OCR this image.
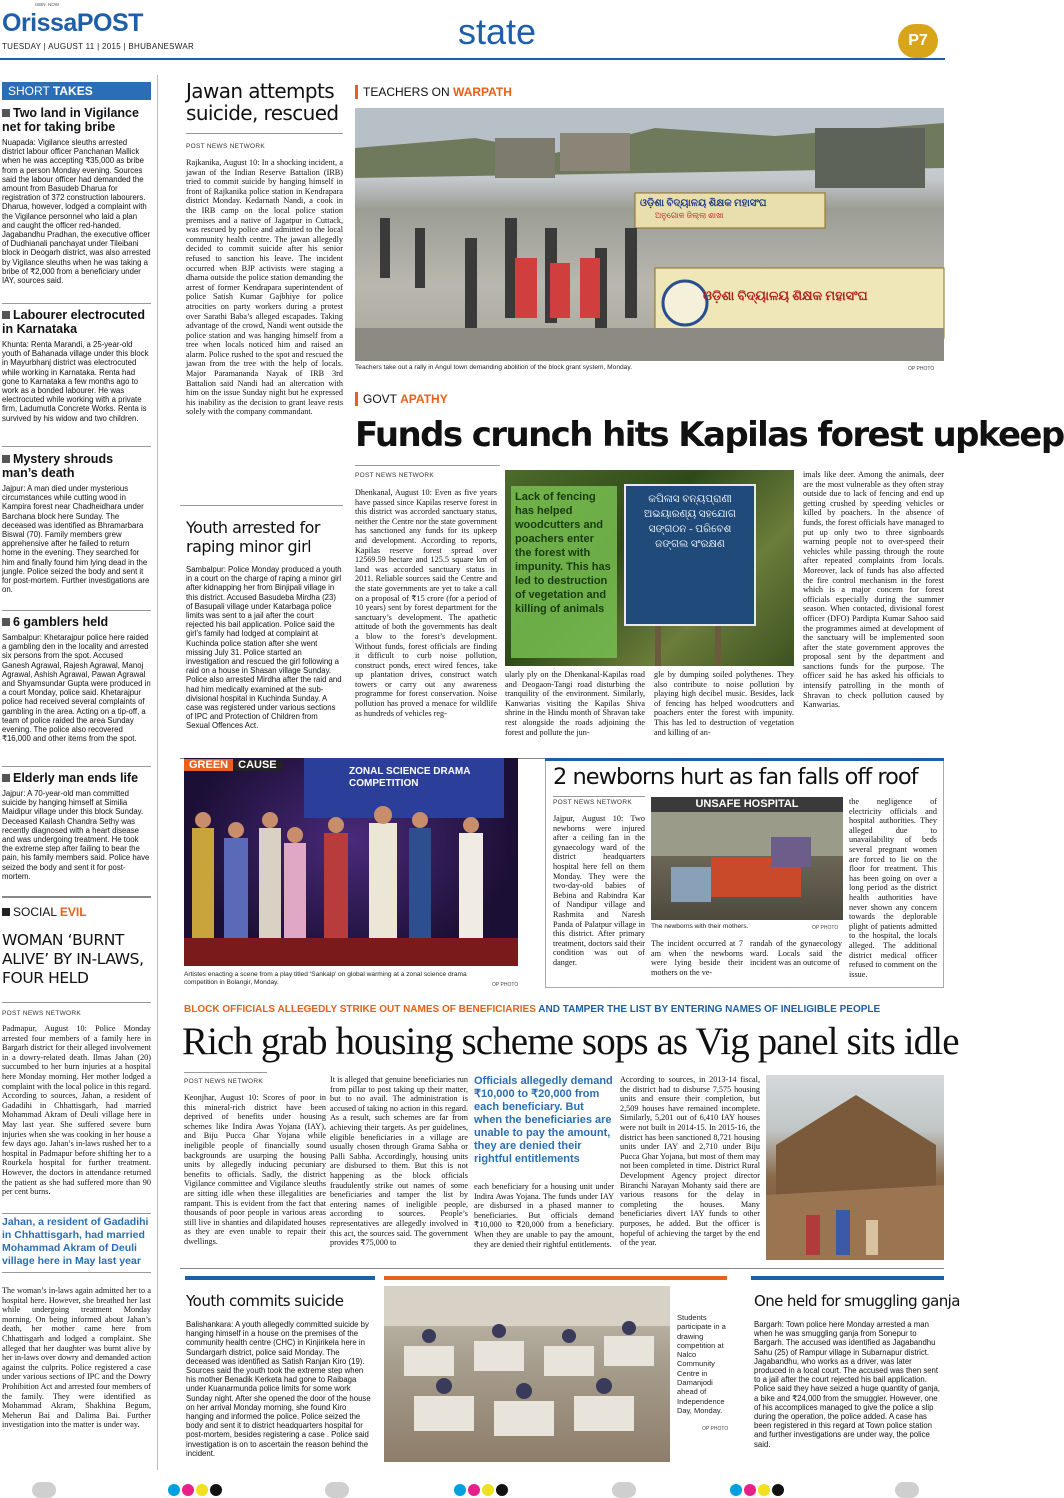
ISBN: NOW
OrissaPOST
TUESDAY | AUGUST 11 | 2015 | BHUBANESWAR	state	P7
SHORT TAKES
Two land in Vigilance net for taking bribe
Nuapada: Vigilance sleuths arrested district labour officer Panchanan Mallick when he was accepting ₹35,000 as bribe from a person Monday evening. Sources said the labour officer had demanded the amount from Basudeb Dharua for registration of 372 construction labourers. Dharua, however, lodged a complaint with the Vigilance personnel who laid a plan and caught the officer red-handed. Jagabandhu Pradhan, the executive officer of Dudhianali panchayat under Tileibani block in Deogarh district, was also arrested by Vigilance sleuths when he was taking a bribe of ₹2,000 from a beneficiary under IAY, sources said.
Labourer electrocuted in Karnataka
Khunta: Renta Marandi, a 25-year-old youth of Bahanada village under this block in Mayurbhanj district was electrocuted while working in Karnataka. Renta had gone to Karnataka a few months ago to work as a bonded labourer. He was electrocuted while working with a private firm, Ladumutla Concrete Works. Renta is survived by his widow and two children.
Mystery shrouds man’s death
Jajpur: A man died under mysterious circumstances while cutting wood in Kampira forest near Chadheidhara under Barchana block here Sunday. The deceased was identified as Bhramarbara Biswal (70). Family members grew apprehensive after he failed to return home in the evening. They searched for him and finally found him lying dead in the jungle. Police seized the body and sent it for post-mortem. Further investigations are on.
6 gamblers held
Sambalpur: Khetarajpur police here raided a gambling den in the locality and arrested six persons from the spot. Accused Ganesh Agrawal, Rajesh Agrawal, Manoj Agrawal, Ashish Agrawal, Pawan Agrawal and Shyamsundar Gupta were produced in a court Monday, police said. Khetarajpur police had received several complaints of gambling in the area. Acting on a tip-off, a team of police raided the area Sunday evening. The police also recovered ₹16,000 and other items from the spot.
Elderly man ends life
Jajpur: A 70-year-old man committed suicide by hanging himself at Similia Maidipur village under this block Sunday. Deceased Kailash Chandra Sethy was recently diagnosed with a heart disease and was undergoing treatment. He took the extreme step after failing to bear the pain, his family members said. Police have seized the body and sent it for post-mortem.
SOCIAL EVIL
WOMAN ‘BURNT ALIVE’ BY IN-LAWS, FOUR HELD
POST NEWS NETWORK
Padmapur, August 10: Police Monday arrested four members of a family here in Bargarh district for their alleged involvement in a dowry-related death. Ilmas Jahan (20) succumbed to her burn injuries at a hospital here Monday morning. Her mother lodged a complaint with the local police in this regard. According to sources, Jahan, a resident of Gadadihi in Chhattisgarh, had married Mohammad Akram of Deuli village here in May last year. She suffered severe burn injuries when she was cooking in her house a few days ago. Jahan’s in-laws rushed her to a hospital in Padmapur before shifting her to a Rourkela hospital for further treatment. However, the doctors in attendance returned the patient as she had suffered more than 90 per cent burns.
Jahan, a resident of Gadadihi in Chhattisgarh, had married Mohammad Akram of Deuli village here in May last year
The woman’s in-laws again admitted her to a hospital here. However, she breathed her last while undergoing treatment Monday morning. On being informed about Jahan’s death, her mother came here from Chhattisgarh and lodged a complaint. She alleged that her daughter was burnt alive by her in-laws over dowry and demanded action against the culprits. Police registered a case under various sections of IPC and the Dowry Prohibition Act and arrested four members of the family. They were identified as Mohammad Akram, Shakhina Begum, Meherun Bai and Dalima Bai. Further investigation into the matter is under way.
Jawan attempts suicide, rescued
POST NEWS NETWORK
Rajkanika, August 10: In a shocking incident, a jawan of the Indian Reserve Battalion (IRB) tried to commit suicide by hanging himself in front of Rajkanika police station in Kendrapara district Monday. Kedarnath Nandi, a cook in the IRB camp on the local police station premises and a native of Jagatpur in Cuttack, was rescued by police and admitted to the local community health centre. The jawan allegedly decided to commit suicide after his senior refused to sanction his leave. The incident occurred when BJP activists were staging a dharna outside the police station demanding the arrest of former Kendrapara superintendent of police Satish Kumar Gajbhiye for police atrocities on party workers during a protest over Sarathi Baba’s alleged escapades. Taking advantage of the crowd, Nandi went outside the police station and was hanging himself from a tree when locals noticed him and raised an alarm. Police rushed to the spot and rescued the jawan from the tree with the help of locals. Major Paramananda Nayak of IRB 3rd Battalion said Nandi had an altercation with him on the issue Sunday night but he expressed his inability as the decision to grant leave rests solely with the company commandant.
Youth arrested for raping minor girl
Sambalpur: Police Monday produced a youth in a court on the charge of raping a minor girl after kidnapping her from Binjipali village in this district. Accused Basudeba Mirdha (23) of Basupali village under Katarbaga police limits was sent to a jail after the court rejected his bail application. Police said the girl’s family had lodged at complaint at Kuchinda police station after she went missing July 31. Police started an investigation and rescued the girl following a raid on a house in Shasan village Sunday. Police also arrested Mirdha after the raid and had him medically examined at the sub-divisional hospital in Kuchinda Sunday. A case was registered under various sections of IPC and Protection of Children from Sexual Offences Act.
TEACHERS ON WARPATH
ଓଡ଼ିଶା ବିଦ୍ୟାଳୟ ଶିକ୍ଷକ ମହାସଂଘ
ଅନୁଗୋଳ ଜିଲ୍ଲା ଶାଖା
ଓଡ଼ିଶା ବିଦ୍ୟାଳୟ ଶିକ୍ଷକ ମହାସଂଘ
Teachers take out a rally in Angul town demanding abolition of the block grant system, Monday.	OP PHOTO
GOVT APATHY
Funds crunch hits Kapilas forest upkeep
POST NEWS NETWORK
Dhenkanal, August 10: Even as five years have passed since Kapilas reserve forest in this district was accorded sanctuary status, neither the Centre nor the state government has sanctioned any funds for its upkeep and development. According to reports, Kapilas reserve forest spread over 12569.59 hectare and 125.5 square km of land was accorded sanctuary status in 2011. Reliable sources said the Centre and the state governments are yet to take a call on a proposal of ₹15 crore (for a period of 10 years) sent by forest department for the sanctuary’s development. The apathetic attitude of both the governments has dealt a blow to the forest’s development. Without funds, forest officials are finding it difficult to curb noise pollution, construct ponds, erect wired fences, take up plantation drives, construct watch towers or carry out any awareness programme for forest conservation. Noise pollution has proved a menace for wildlife as hundreds of vehicles reg-
କପିଳାସ ବନ୍ୟପ୍ରାଣୀ ଅଭୟାରଣ୍ୟ ସହଯୋଗ ସଙ୍ଗଠନ - ପରିବେଶ ଜଙ୍ଗଲ ସଂରକ୍ଷଣ
Lack of fencing has helped woodcutters and poachers enter the forest with impunity. This has led to destruction of vegetation and killing of animals
ularly ply on the Dhenkanal-Kapilas road and Deogaon-Tangi road disturbing the tranquility of the environment. Similarly, Kanwarias visiting the Kapilas Shiva shrine in the Hindu month of Shravan take rest alongside the roads adjoining the forest and pollute the jun-
gle by dumping soiled polythenes. They also contribute to noise pollution by playing high decibel music. Besides, lack of fencing has helped woodcutters and poachers enter the forest with impunity. This has led to destruction of vegetation and killing of an-
imals like deer. Among the animals, deer are the most vulnerable as they often stray outside due to lack of fencing and end up getting crushed by speeding vehicles or killed by poachers. In the absence of funds, the forest officials have managed to put up only two to three signboards warning people not to over-speed their vehicles while passing through the route after repeated complaints from locals. Moreover, lack of funds has also affected the fire control mechanism in the forest which is a major concern for forest officials especially during the summer season. When contacted, divisional forest officer (DFO) Pardipta Kumar Sahoo said the programmes aimed at development of the sanctuary will be implemented soon after the state government approves the proposal sent by the department and sanctions funds for the purpose. The officer said he has asked his officials to intensify patrolling in the month of Shravan to check pollution caused by Kanwarias.
ZONAL SCIENCE DRAMA COMPETITION
GREEN CAUSE
Artistes enacting a scene from a play titled ‘Sankalp’ on global warming at a zonal science drama competition in Bolangir, Monday.	OP PHOTO
2 newborns hurt as fan falls off roof
POST NEWS NETWORK
Jajpur, August 10: Two newborns were injured after a ceiling fan in the gynaecology ward of the district headquarters hospital here fell on them Monday. They were the two-day-old babies of Bebina and Rabindra Kar of Nandipur village and Rashmita and Naresh Panda of Palatpur village in this district. After primary treatment, doctors said their condition was out of danger.
UNSAFE HOSPITAL
The newborns with their mothers.	OP PHOTO
The incident occurred at 7 am when the newborns were lying beside their mothers on the ve-
randah of the gynaecology ward. Locals said the incident was an outcome of
the negligence of electricity officials and hospital authorities. They alleged due to unavailability of beds several pregnant women are forced to lie on the floor for treatment. This has been going on over a long period as the district health authorities have never shown any concern towards the deplorable plight of patients admitted to the hospital, the locals alleged. The additional district medical officer refused to comment on the issue.
BLOCK OFFICIALS ALLEGEDLY STRIKE OUT NAMES OF BENEFICIARIES AND TAMPER THE LIST BY ENTERING NAMES OF INELIGIBLE PEOPLE
Rich grab housing scheme sops as Vig panel sits idle
POST NEWS NETWORK
Keonjhar, August 10: Scores of poor in this mineral-rich district have been deprived of benefits under housing schemes like Indira Awas Yojana (IAY), and Biju Pucca Ghar Yojana while ineligible people of financially sound backgrounds are usurping the housing units by allegedly inducing pecuniary benefits to officials. Sadly, the district Vigilance committee and Vigilance sleuths are sitting idle when these illegalities are rampant. This is evident from the fact that thousands of poor people in various areas still live in shanties and dilapidated houses as they are even unable to repair their dwellings.
It is alleged that genuine beneficiaries run from pillar to post taking up their matter, but to no avail. The administration is accused of taking no action in this regard. As a result, such schemes are far from achieving their targets. As per guidelines, eligible beneficiaries in a village are usually chosen through Grama Sabha or Palli Sabha. Accordingly, housing units are disbursed to them. But this is not happening as the block officials fraudulently strike out names of some beneficiaries and tamper the list by entering names of ineligible people, according to sources. People’s representatives are allegedly involved in this act, the sources said. The government provides ₹75,000 to
Officials allegedly demand ₹10,000 to ₹20,000 from each beneficiary. But when the beneficiaries are unable to pay the amount, they are denied their rightful entitlements
each beneficiary for a housing unit under Indira Awas Yojana. The funds under IAY are disbursed in a phased manner to beneficiaries. But officials demand ₹10,000 to ₹20,000 from a beneficiary. When they are unable to pay the amount, they are denied their rightful entitlements.
According to sources, in 2013-14 fiscal, the district had to disburse 7,575 housing units and ensure their completion, but 2,509 houses have remained incomplete. Similarly, 5,201 out of 6,410 IAY houses were not built in 2014-15. In 2015-16, the district has been sanctioned 8,721 housing units under IAY and 2,710 under Biju Pucca Ghar Yojana, but most of them may not been completed in time. District Rural Development Agency project director Biranchi Narayan Mohanty said there are various reasons for the delay in completing the houses. Many beneficiaries divert IAY funds to other purposes, he added. But the officer is hopeful of achieving the target by the end of the year.
Youth commits suicide
Balishankara: A youth allegedly committed suicide by hanging himself in a house on the premises of the community health centre (CHC) in Kinjirikela here in Sundargarh district, police said Monday. The deceased was identified as Satish Ranjan Kiro (19). Sources said the youth took the extreme step when his mother Benadik Kerketa had gone to Raibaga under Kuanarmunda police limits for some work Sunday night. After she opened the door of the house on her arrival Monday morning, she found Kiro hanging and informed the police. Police seized the body and sent it to district headquarters hospital for post-mortem, besides registering a case . Police said investigation is on to ascertain the reason behind the incident.
Students participate in a drawing competition at Nalco Community Centre in Damanjodi ahead of Independence Day, Monday.
OP PHOTO
One held for smuggling ganja
Bargarh: Town police here Monday arrested a man when he was smuggling ganja from Sonepur to Bargarh. The accused was identified as Jagabandhu Sahu (25) of Rampur village in Subarnapur district. Jagabandhu, who works as a driver, was later produced in a local court. The accused was then sent to a jail after the court rejected his bail application. Police said they have seized a huge quantity of ganja, a bike and ₹24,000 from the smuggler. However, one of his accomplices managed to give the police a slip during the operation, the police added. A case has been registered in this regard at Town police station and further investigations are under way, the police said.
